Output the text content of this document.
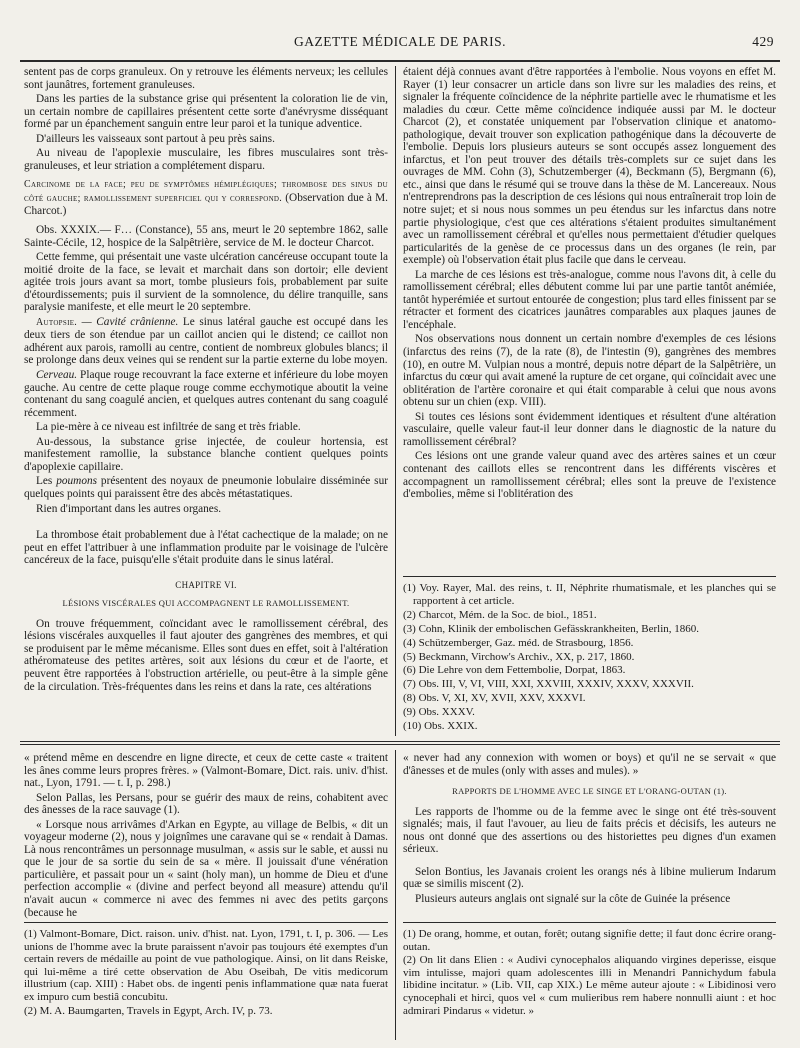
GAZETTE MÉDICALE DE PARIS.	429

sentent pas de corps granuleux. On y retrouve les éléments nerveux; les cellules sont jaunâtres, fortement granuleuses.

Dans les parties de la substance grise qui présentent la coloration lie de vin, un certain nombre de capillaires présentent cette sorte d'anévrysme disséquant formé par un épanchement sanguin entre leur paroi et la tunique adventice.

D'ailleurs les vaisseaux sont partout à peu près sains.

Au niveau de l'apoplexie musculaire, les fibres musculaires sont très-granuleuses, et leur striation a complétement disparu.

Carcinome de la face; peu de symptômes hémiplégiques; thrombose des sinus du côté gauche; ramollissement superficiel qui y correspond. (Observation due à M. Charcot.)

Obs. XXXIX.— F… (Constance), 55 ans, meurt le 20 septembre 1862, salle Sainte-Cécile, 12, hospice de la Salpêtrière, service de M. le docteur Charcot.

Cette femme, qui présentait une vaste ulcération cancéreuse occupant toute la moitié droite de la face, se levait et marchait dans son dortoir; elle devient agitée trois jours avant sa mort, tombe plusieurs fois, probablement par suite d'étourdissements; puis il survient de la somnolence, du délire tranquille, sans paralysie manifeste, et elle meurt le 20 septembre.

Autopsie. — Cavité crânienne. Le sinus latéral gauche est occupé dans les deux tiers de son étendue par un caillot ancien qui le distend; ce caillot non adhérent aux parois, ramolli au centre, contient de nombreux globules blancs; il se prolonge dans deux veines qui se rendent sur la partie externe du lobe moyen.

Cerveau. Plaque rouge recouvrant la face externe et inférieure du lobe moyen gauche. Au centre de cette plaque rouge comme ecchymotique aboutit la veine contenant du sang coagulé ancien, et quelques autres contenant du sang coagulé récemment.

La pie-mère à ce niveau est infiltrée de sang et très friable.

Au-dessous, la substance grise injectée, de couleur hortensia, est manifestement ramollie, la substance blanche contient quelques points d'apoplexie capillaire.

Les poumons présentent des noyaux de pneumonie lobulaire disséminée sur quelques points qui paraissent être des abcès métastatiques.

Rien d'important dans les autres organes.

La thrombose était probablement due à l'état cachectique de la malade; on ne peut en effet l'attribuer à une inflammation produite par le voisinage de l'ulcère cancéreux de la face, puisqu'elle s'était produite dans le sinus latéral.

CHAPITRE VI.

LÉSIONS VISCÉRALES QUI ACCOMPAGNENT LE RAMOLLISSEMENT.

On trouve fréquemment, coïncidant avec le ramollissement cérébral, des lésions viscérales auxquelles il faut ajouter des gangrènes des membres, et qui se produisent par le même mécanisme. Elles sont dues en effet, soit à l'altération athéromateuse des petites artères, soit aux lésions du cœur et de l'aorte, et peuvent être rapportées à l'obstruction artérielle, ou peut-être à la simple gêne de la circulation. Très-fréquentes dans les reins et dans la rate, ces altérations

étaient déjà connues avant d'être rapportées à l'embolie. Nous voyons en effet M. Rayer (1) leur consacrer un article dans son livre sur les maladies des reins, et signaler la fréquente coïncidence de la néphrite partielle avec le rhumatisme et les maladies du cœur. Cette même coïncidence indiquée aussi par M. le docteur Charcot (2), et constatée uniquement par l'observation clinique et anatomo-pathologique, devait trouver son explication pathogénique dans la découverte de l'embolie. Depuis lors plusieurs auteurs se sont occupés assez longuement des infarctus, et l'on peut trouver des détails très-complets sur ce sujet dans les ouvrages de MM. Cohn (3), Schutzemberger (4), Beckmann (5), Bergmann (6), etc., ainsi que dans le résumé qui se trouve dans la thèse de M. Lancereaux. Nous n'entreprendrons pas la description de ces lésions qui nous entraînerait trop loin de notre sujet; et si nous nous sommes un peu étendus sur les infarctus dans notre partie physiologique, c'est que ces altérations s'étaient produites simultanément avec un ramollissement cérébral et qu'elles nous permettaient d'étudier quelques particularités de la genèse de ce processus dans un des organes (le rein, par exemple) où l'observation était plus facile que dans le cerveau.

La marche de ces lésions est très-analogue, comme nous l'avons dit, à celle du ramollissement cérébral; elles débutent comme lui par une partie tantôt anémiée, tantôt hyperémiée et surtout entourée de congestion; plus tard elles finissent par se rétracter et forment des cicatrices jaunâtres comparables aux plaques jaunes de l'encéphale.

Nos observations nous donnent un certain nombre d'exemples de ces lésions (infarctus des reins (7), de la rate (8), de l'intestin (9), gangrènes des membres (10), en outre M. Vulpian nous a montré, depuis notre départ de la Salpêtrière, un infarctus du cœur qui avait amené la rupture de cet organe, qui coïncidait avec une oblitération de l'artère coronaire et qui était comparable à celui que nous avons obtenu sur un chien (exp. VIII).

Si toutes ces lésions sont évidemment identiques et résultent d'une altération vasculaire, quelle valeur faut-il leur donner dans le diagnostic de la nature du ramollissement cérébral?

Ces lésions ont une grande valeur quand avec des artères saines et un cœur contenant des caillots elles se rencontrent dans les différents viscères et accompagnent un ramollissement cérébral; elles sont la preuve de l'existence d'embolies, même si l'oblitération des

(1) Voy. Rayer, Mal. des reins, t. II, Néphrite rhumatismale, et les planches qui se rapportent à cet article.

(2) Charcot, Mém. de la Soc. de biol., 1851.

(3) Cohn, Klinik der embolischen Gefässkrankheiten, Berlin, 1860.

(4) Schützemberger, Gaz. méd. de Strasbourg, 1856.

(5) Beckmann, Virchow's Archiv., XX, p. 217, 1860.

(6) Die Lehre von dem Fettembolie, Dorpat, 1863.

(7) Obs. III, V, VI, VIII, XXI, XXVIII, XXXIV, XXXV, XXXVII.

(8) Obs. V, XI, XV, XVII, XXV, XXXVI.

(9) Obs. XXXV.

(10) Obs. XXIX.

« prétend même en descendre en ligne directe, et ceux de cette caste « traitent les ânes comme leurs propres frères. » (Valmont-Bomare, Dict. rais. univ. d'hist. nat., Lyon, 1791. — t. I, p. 298.)

Selon Pallas, les Persans, pour se guérir des maux de reins, cohabitent avec des ânesses de la race sauvage (1).

« Lorsque nous arrivâmes d'Arkan en Egypte, au village de Belbis, « dit un voyageur moderne (2), nous y joignîmes une caravane qui se « rendait à Damas. Là nous rencontrâmes un personnage musulman, « assis sur le sable, et aussi nu que le jour de sa sortie du sein de sa « mère. Il jouissait d'une vénération particulière, et passait pour un « saint (holy man), un homme de Dieu et d'une perfection accomplie « (divine and perfect beyond all measure) attendu qu'il n'avait aucun « commerce ni avec des femmes ni avec des petits garçons (because he

(1) Valmont-Bomare, Dict. raison. univ. d'hist. nat. Lyon, 1791, t. I, p. 306. — Les unions de l'homme avec la brute paraissent n'avoir pas toujours été exemptes d'un certain revers de médaille au point de vue pathologique. Ainsi, on lit dans Reiske, qui lui-même a tiré cette observation de Abu Oseibah, De vitis medicorum illustrium (cap. XIII) : Habet obs. de ingenti penis inflammatione quæ nata fuerat ex impuro cum bestiâ concubitu.

(2) M. A. Baumgarten, Travels in Egypt, Arch. IV, p. 73.

« never had any connexion with women or boys) et qu'il ne se servait « que d'ânesses et de mules (only with asses and mules). »

RAPPORTS DE L'HOMME AVEC LE SINGE ET L'ORANG-OUTAN (1).

Les rapports de l'homme ou de la femme avec le singe ont été très-souvent signalés; mais, il faut l'avouer, au lieu de faits précis et décisifs, les auteurs ne nous ont donné que des assertions ou des historiettes peu dignes d'un examen sérieux.

Selon Bontius, les Javanais croient les orangs nés à libine mulierum Indarum quæ se similis miscent (2).

Plusieurs auteurs anglais ont signalé sur la côte de Guinée la présence

(1) De orang, homme, et outan, forêt; outang signifie dette; il faut donc écrire orang-outan.

(2) On lit dans Elien : « Audivi cynocephalos aliquando virgines deperisse, eisque vim intulisse, majori quam adolescentes illi in Menandri Pannichydum fabula libidine incitatur. » (Lib. VII, cap XIX.) Le même auteur ajoute : « Libidinosi vero cynocephali et hirci, quos vel « cum mulieribus rem habere nonnulli aiunt : et hoc admirari Pindarus « videtur. »
